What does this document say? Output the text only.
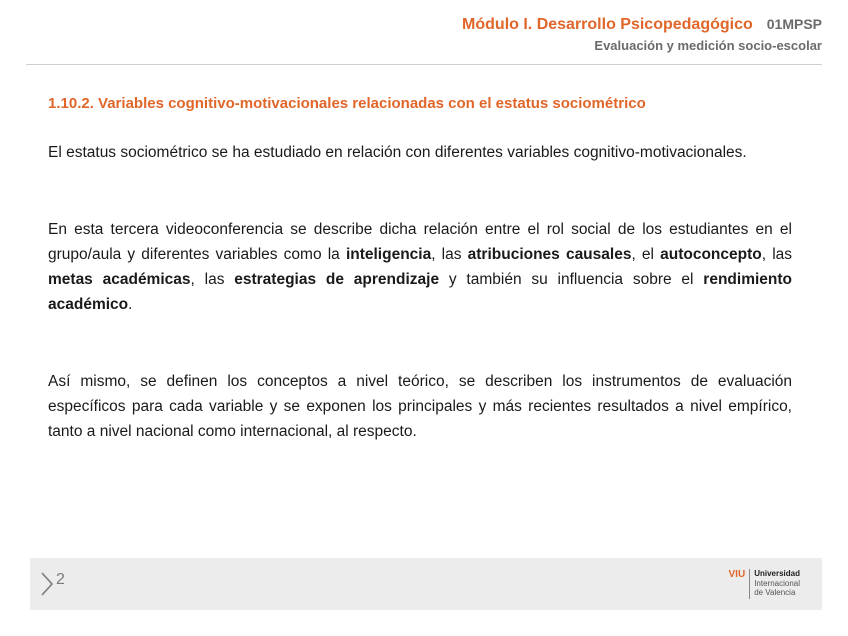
Módulo I. Desarrollo Psicopedagógico 01MPSP
Evaluación y medición socio-escolar
1.10.2. Variables cognitivo-motivacionales relacionadas con el estatus sociométrico

El estatus sociométrico se ha estudiado en relación con diferentes variables cognitivo-motivacionales.

En esta tercera videoconferencia se describe dicha relación entre el rol social de los estudiantes en el grupo/aula y diferentes variables como la inteligencia, las atribuciones causales, el autoconcepto, las metas académicas, las estrategias de aprendizaje y también su influencia sobre el rendimiento académico.

Así mismo, se definen los conceptos a nivel teórico, se describen los instrumentos de evaluación específicos para cada variable y se exponen los principales y más recientes resultados a nivel empírico, tanto a nivel nacional como internacional, al respecto.

2	VIU Universidad
Internacional
de Valencia
